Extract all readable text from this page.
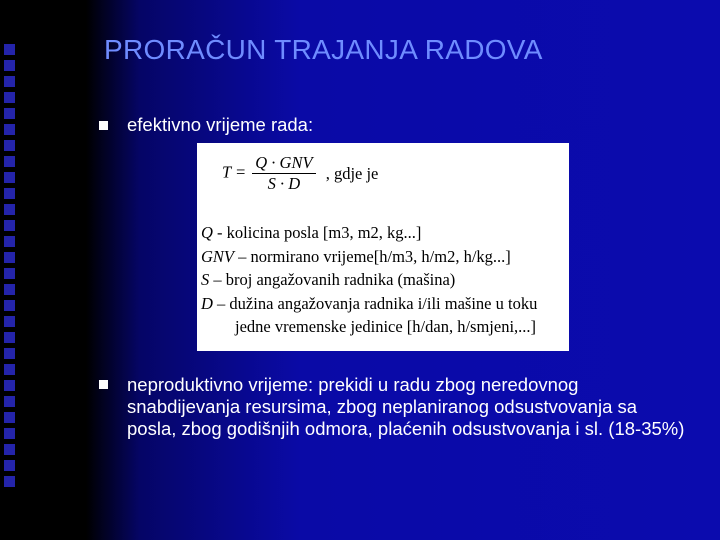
PRORAČUN TRAJANJA RADOVA
efektivno vrijeme rada:
$T = \frac{\text{Q · GNV}}{S \cdot D}$ , gdje je
Q - kolicina posla [m3, m2, kg...]
GNV – normirano vrijeme[h/m3, h/m2, h/kg...]
S – broj angažovanih radnika (mašina)
D – dužina angažovanja radnika i/ili mašine u toku
jedne vremenske jedinice [h/dan, h/smjeni,...]
neproduktivno vrijeme: prekidi u radu zbog neredovnog snabdijevanja resursima, zbog neplaniranog odsustvovanja sa posla, zbog godišnjih odmora, plaćenih odsustvovanja i sl. (18-35%)
